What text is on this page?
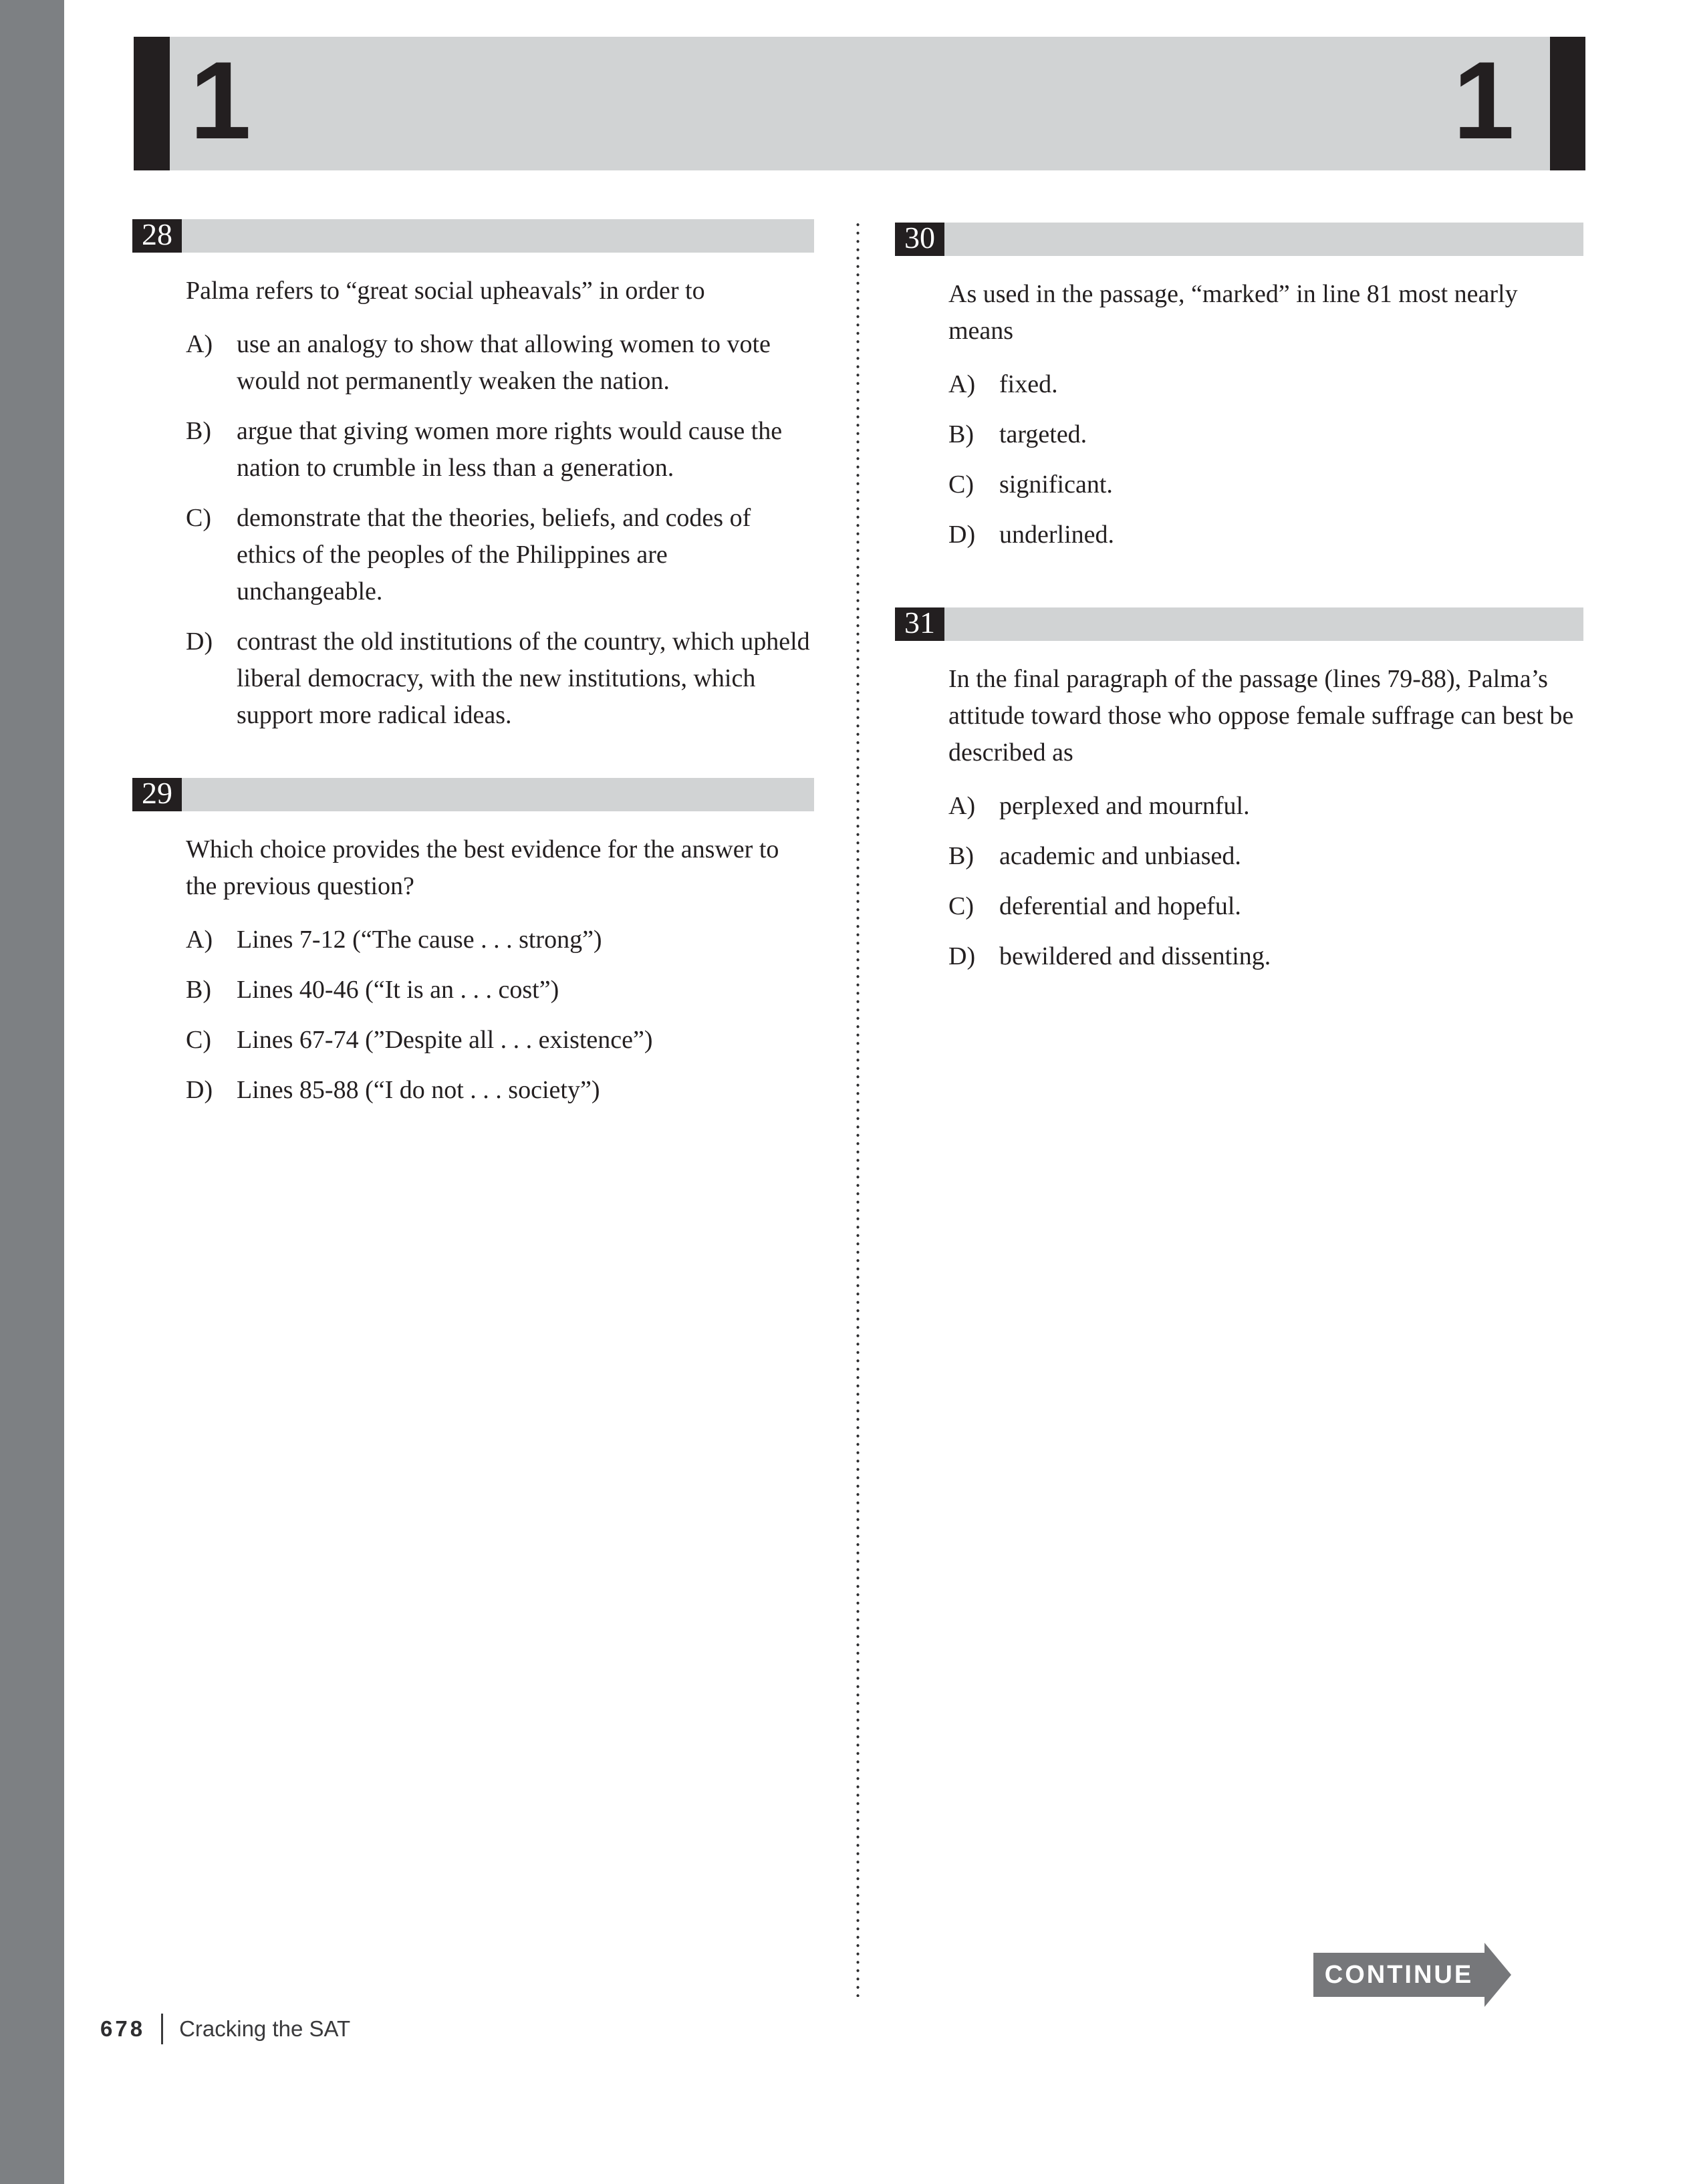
1	1
28

Palma refers to “great social upheavals” in order to

A) use an analogy to show that allowing women to vote would not permanently weaken the nation.
B)	argue that giving women more rights would cause the nation to crumble in less than a generation.
C)	demonstrate that the theories, beliefs, and codes of ethics of the peoples of the Philippines are unchangeable.
D) contrast the old institutions of the country, which upheld liberal democracy, with the new institutions, which support more radical ideas.
29

Which choice provides the best evidence for the answer to the previous question?

A) Lines 7-12 (“The cause . . . strong”)
B)	Lines 40-46 (“It is an . . . cost”)
C)	Lines 67-74 (”Despite all . . . existence”)
D) Lines 85-88 (“I do not . . . society”)
30

As used in the passage, “marked” in line 81 most nearly means

A) fixed.
B)	targeted.
C)	significant.
D) underlined.
31

In the final paragraph of the passage (lines 79-88), Palma’s attitude toward those who oppose female suffrage can best be described as

A) perplexed and mournful.
B)	academic and unbiased.
C)	deferential and hopeful.
D) bewildered and dissenting.
CONTINUE
678 Cracking the SAT
